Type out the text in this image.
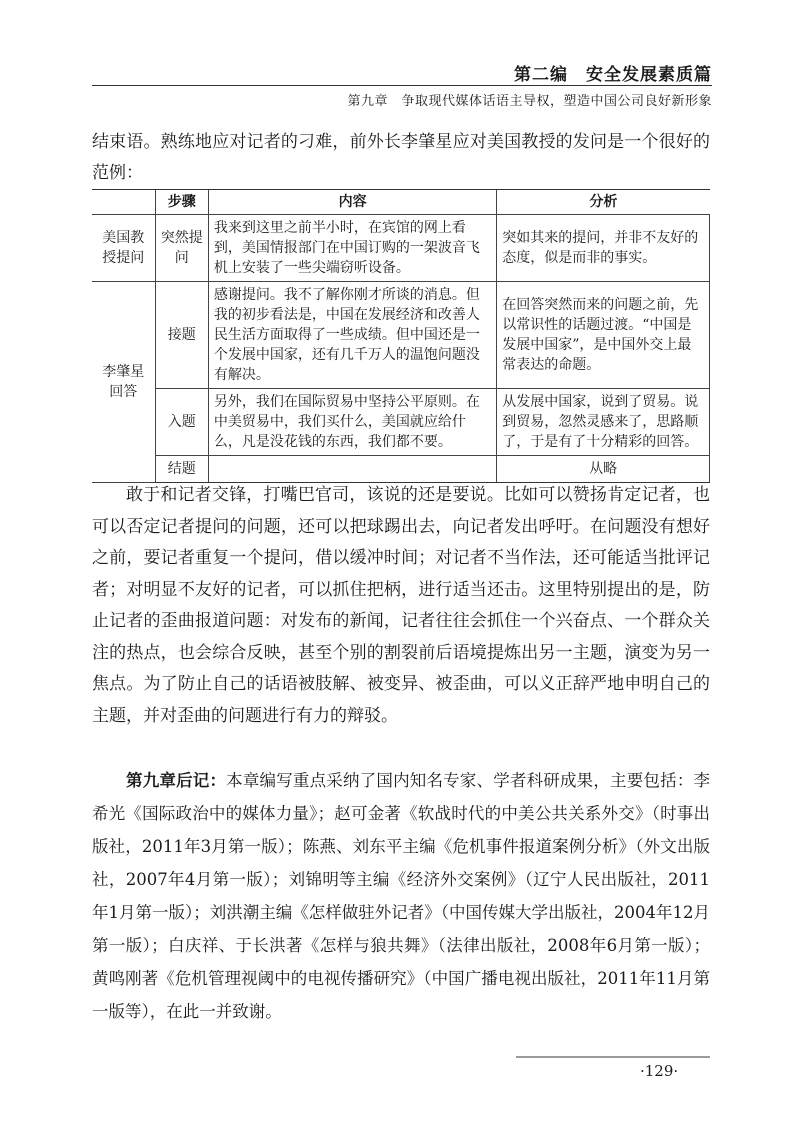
第二编　安全发展素质篇
第九章　争取现代媒体话语主导权，塑造中国公司良好新形象
结束语。熟练地应对记者的刁难，前外长李肇星应对美国教授的发问是一个很好的范例：
	步骤	内容	分析
美国教授提问	突然提问	我来到这里之前半小时，在宾馆的网上看到，美国情报部门在中国订购的一架波音飞机上安装了一些尖端窃听设备。	突如其来的提问，并非不友好的态度，似是而非的事实。
李肇星回答	接题	感谢提问。我不了解你刚才所谈的消息。但我的初步看法是，中国在发展经济和改善人民生活方面取得了一些成绩。但中国还是一个发展中国家，还有几千万人的温饱问题没有解决。	在回答突然而来的问题之前，先以常识性的话题过渡。“中国是发展中国家”，是中国外交上最常表达的命题。
	入题	另外，我们在国际贸易中坚持公平原则。在中美贸易中，我们买什么，美国就应给什么，凡是没花钱的东西，我们都不要。	从发展中国家，说到了贸易。说到贸易，忽然灵感来了，思路顺了，于是有了十分精彩的回答。
	结题		从略
敢于和记者交锋，打嘴巴官司，该说的还是要说。比如可以赞扬肯定记者，也可以否定记者提问的问题，还可以把球踢出去，向记者发出呼吁。在问题没有想好之前，要记者重复一个提问，借以缓冲时间；对记者不当作法，还可能适当批评记者；对明显不友好的记者，可以抓住把柄，进行适当还击。这里特别提出的是，防止记者的歪曲报道问题：对发布的新闻，记者往往会抓住一个兴奋点、一个群众关注的热点，也会综合反映，甚至个别的割裂前后语境提炼出另一主题，演变为另一焦点。为了防止自己的话语被肢解、被变异、被歪曲，可以义正辞严地申明自己的主题，并对歪曲的问题进行有力的辩驳。
第九章后记：本章编写重点采纳了国内知名专家、学者科研成果，主要包括：李希光《国际政治中的媒体力量》；赵可金著《软战时代的中美公共关系外交》（时事出版社，2011年3月第一版）；陈燕、刘东平主编《危机事件报道案例分析》（外文出版社，2007年4月第一版）；刘锦明等主编《经济外交案例》（辽宁人民出版社，2011年1月第一版）；刘洪潮主编《怎样做驻外记者》（中国传媒大学出版社，2004年12月第一版）；白庆祥、于长洪著《怎样与狼共舞》（法律出版社，2008年6月第一版）；黄鸣刚著《危机管理视阈中的电视传播研究》（中国广播电视出版社，2011年11月第一版等），在此一并致谢。
·129·
